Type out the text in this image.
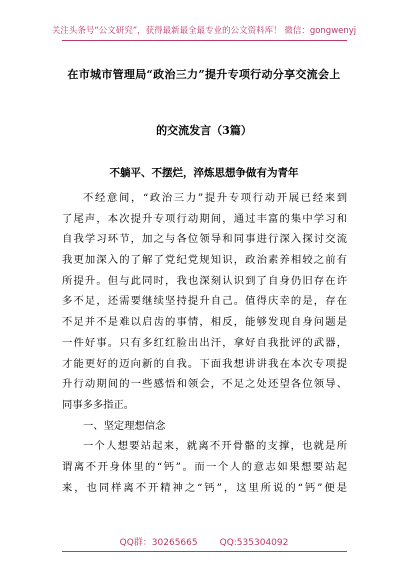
关注头条号“公文研究”，获得最新最全最专业的公文资料库！ 微信：gongwenyj
在市城市管理局“政治三力”提升专项行动分享交流会上
的交流发言（3篇）
不躺平、不摆烂，淬炼思想争做有为青年
不经意间，“政治三力”提升专项行动开展已经来到
了尾声，本次提升专项行动期间，通过丰富的集中学习和
自我学习环节，加之与各位领导和同事进行深入探讨交流
我更加深入的了解了党纪党规知识，政治素养相较之前有
所提升。但与此同时，我也深刻认识到了自身仍旧存在许
多不足，还需要继续坚持提升自己。值得庆幸的是，存在
不足并不是难以启齿的事情，相反，能够发现自身问题是
一件好事。只有多红红脸出出汗，拿好自我批评的武器，
才能更好的迈向新的自我。下面我想讲讲我在本次专项提
升行动期间的一些感悟和领会，不足之处还望各位领导、
同事多多指正。
一、坚定理想信念
一个人想要站起来，就离不开骨骼的支撑，也就是所
谓离不开身体里的“钙”。而一个人的意志如果想要站起
来，也同样离不开精神之“钙”，这里所说的“钙”便是
QQ群：30265665 QQ:535304092
